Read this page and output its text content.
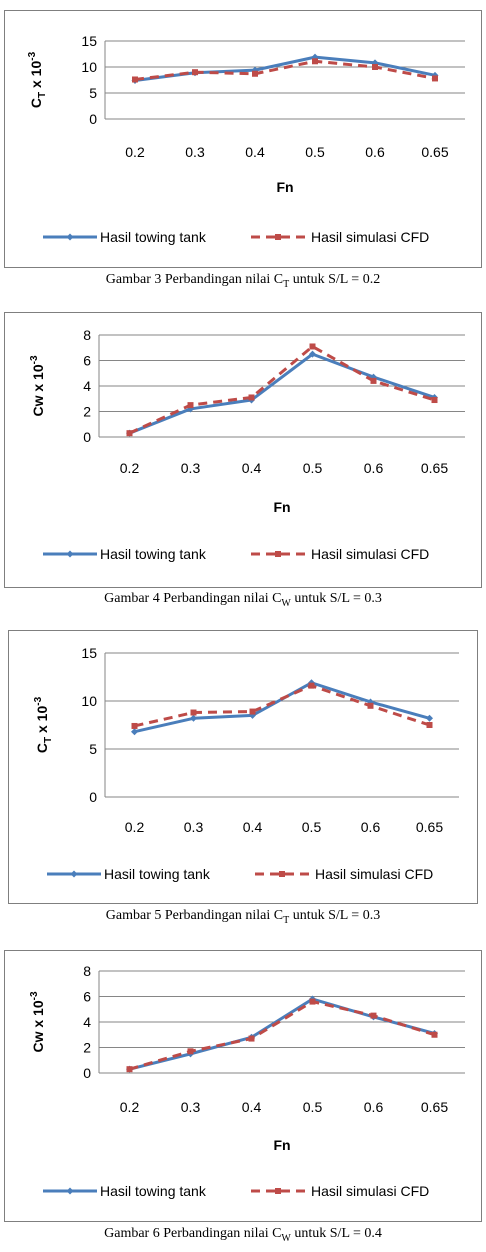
15
10
5
0
0.2	0.3	0.4	0.5	0.6	0.65
Fn
$C_T$ x $10^{-3}$
Hasil towing tank	Hasil simulasi CFD
Gambar 3 Perbandingan nilai $C_T$ untuk S/L = 0.2
8
6
4
2
0
0.2	0.3	0.4	0.5	0.6	0.65
Fn
Cw x $10^{-3}$
Hasil towing tank	Hasil simulasi CFD
Gambar 4 Perbandingan nilai $C_W$ untuk S/L = 0.3
15
10
5
0
0.2	0.3	0.4	0.5	0.6	0.65
$C_T$ x $10^{-3}$
Hasil towing tank	Hasil simulasi CFD
Gambar 5 Perbandingan nilai $C_T$ untuk S/L = 0.3
8
6
4
2
0
0.2	0.3	0.4	0.5	0.6	0.65
Fn
Cw x $10^{-3}$
Hasil towing tank	Hasil simulasi CFD
Gambar 6 Perbandingan nilai $C_W$ untuk S/L = 0.4
